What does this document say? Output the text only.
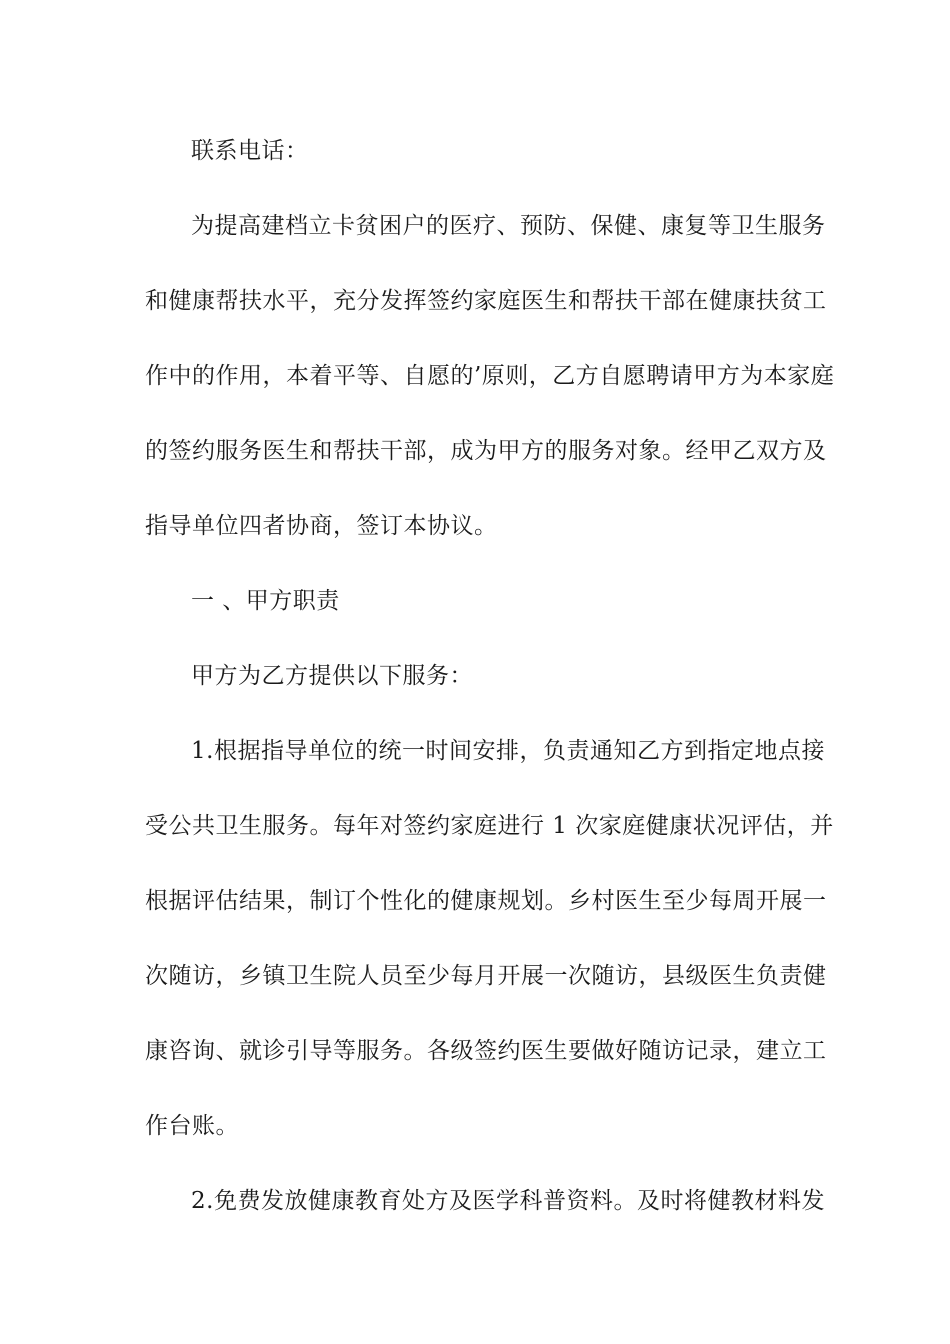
联系电话：
为提高建档立卡贫困户的医疗、预防、保健、康复等卫生服务
和健康帮扶水平，充分发挥签约家庭医生和帮扶干部在健康扶贫工
作中的作用，本着平等、自愿的’原则，乙方自愿聘请甲方为本家庭
的签约服务医生和帮扶干部，成为甲方的服务对象。经甲乙双方及
指导单位四者协商，签订本协议。
一 、甲方职责
甲方为乙方提供以下服务：
1.根据指导单位的统一时间安排，负责通知乙方到指定地点接
受公共卫生服务。每年对签约家庭进行 1 次家庭健康状况评估，并
根据评估结果，制订个性化的健康规划。乡村医生至少每周开展一
次随访，乡镇卫生院人员至少每月开展一次随访，县级医生负责健
康咨询、就诊引导等服务。各级签约医生要做好随访记录，建立工
作台账。
2.免费发放健康教育处方及医学科普资料。及时将健教材料发
